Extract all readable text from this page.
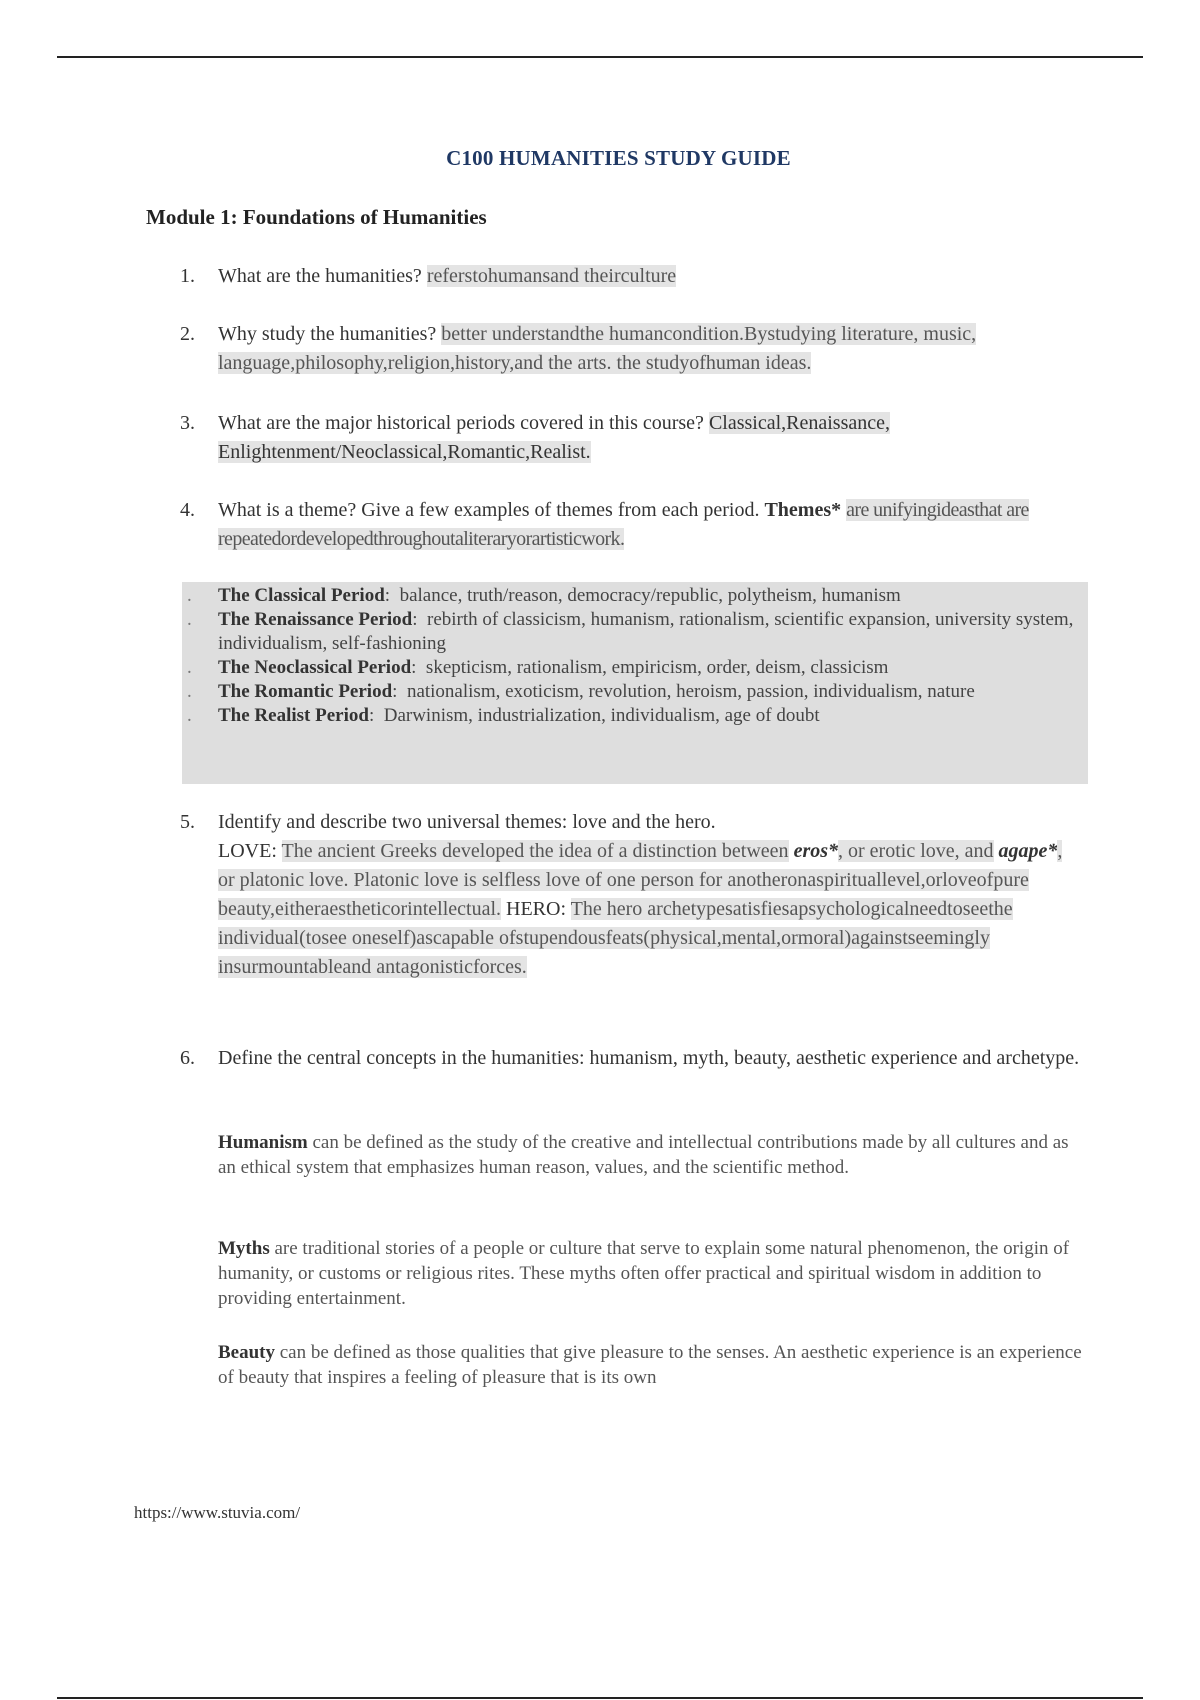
C100 HUMANITIES STUDY GUIDE
Module 1: Foundations of Humanities
1. What are the humanities? referstohumansand theirculture
2. Why study the humanities? better understandthe humancondition.Bystudying literature, music, language,philosophy,religion,history,and the arts. the studyofhuman ideas.
3. What are the major historical periods covered in this course? Classical,Renaissance, Enlightenment/Neoclassical,Romantic,Realist.
4. What is a theme? Give a few examples of themes from each period. Themes* are unifyingideasthat are repeatedordevelopedthroughoutaliteraryorartisticwork.
. The Classical Period:  balance, truth/reason, democracy/republic, polytheism, humanism
. The Renaissance Period:  rebirth of classicism, humanism, rationalism, scientific expansion, university system, individualism, self-fashioning
. The Neoclassical Period:  skepticism, rationalism, empiricism, order, deism, classicism
. The Romantic Period:  nationalism, exoticism, revolution, heroism, passion, individualism, nature
. The Realist Period:  Darwinism, industrialization, individualism, age of doubt
5. Identify and describe two universal themes: love and the hero.
LOVE: The ancient Greeks developed the idea of a distinction between eros*, or erotic love, and agape*, or platonic love. Platonic love is selfless love of one person for anotheronaspirituallevel,orloveofpure beauty,eitheraestheticorintellectual. HERO: The hero archetypesatisfiesapsychologicalneedtoseethe individual(tosee oneself)ascapable ofstupendousfeats(physical,mental,ormoral)againstseemingly insurmountableand antagonisticforces.
6. Define the central concepts in the humanities: humanism, myth, beauty, aesthetic experience and archetype.
Humanism can be defined as the study of the creative and intellectual contributions made by all cultures and as an ethical system that emphasizes human reason, values, and the scientific method.
Myths are traditional stories of a people or culture that serve to explain some natural phenomenon, the origin of humanity, or customs or religious rites. These myths often offer practical and spiritual wisdom in addition to providing entertainment.
Beauty can be defined as those qualities that give pleasure to the senses. An aesthetic experience is an experience of beauty that inspires a feeling of pleasure that is its own
https://www.stuvia.com/
